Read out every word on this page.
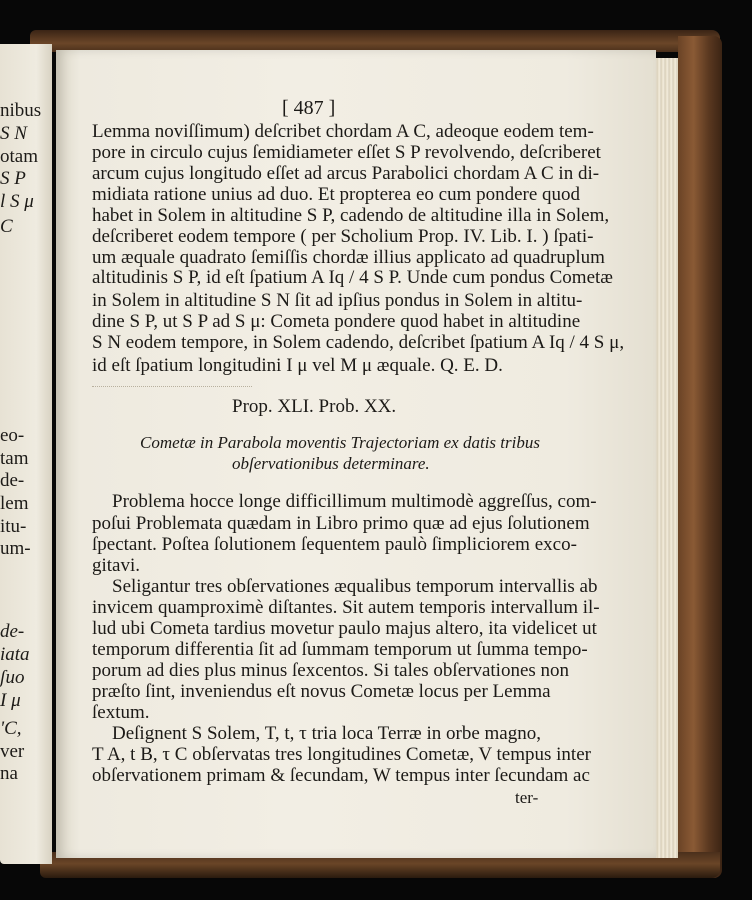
nibus
S N
otam
S P
l S μ
C
eo-
tam
de-
lem
itu-
um-
de-
iata
ʃuo
I μ
'C,
ver
na
[ 487 ]
Lemma noviſſimum) deſcribet chordam A C, adeoque eodem tem-
pore in circulo cujus ſemidiameter eſſet S P revolvendo, deſcriberet
arcum cujus longitudo eſſet ad arcus Parabolici chordam A C in di-
midiata ratione unius ad duo. Et propterea eo cum pondere quod
habet in Solem in altitudine S P, cadendo de altitudine illa in Solem,
deſcriberet eodem tempore ( per Scholium Prop. IV. Lib. I. ) ſpati-
um æquale quadrato ſemiſſis chordæ illius applicato ad quadruplum
altitudinis S P, id eſt ſpatium A Iq / 4 S P. Unde cum pondus Cometæ
in Solem in altitudine S N ſit ad ipſius pondus in Solem in altitu-
dine S P, ut S P ad S μ: Cometa pondere quod habet in altitudine
S N eodem tempore, in Solem cadendo, deſcribet ſpatium A Iq / 4 S μ,
id eſt ſpatium longitudini I μ vel M μ æquale. Q. E. D.
Prop. XLI. Prob. XX.
Cometæ in Parabola moventis Trajectoriam ex datis tribus
obſervationibus determinare.
Problema hocce longe difficillimum multimodè aggreſſus, com-
poſui Problemata quædam in Libro primo quæ ad ejus ſolutionem
ſpectant. Poſtea ſolutionem ſequentem paulò ſimpliciorem exco-
gitavi.
Seligantur tres obſervationes æqualibus temporum intervallis ab
invicem quamproximè diſtantes. Sit autem temporis intervallum il-
lud ubi Cometa tardius movetur paulo majus altero, ita videlicet ut
temporum differentia ſit ad ſummam temporum ut ſumma tempo-
porum ad dies plus minus ſexcentos. Si tales obſervationes non
præſto ſint, inveniendus eſt novus Cometæ locus per Lemma
ſextum.
Deſignent S Solem, T, t, τ tria loca Terræ in orbe magno,
T A, t B, τ C obſervatas tres longitudines Cometæ, V tempus inter
obſervationem primam & ſecundam, W tempus inter ſecundam ac
ter-
